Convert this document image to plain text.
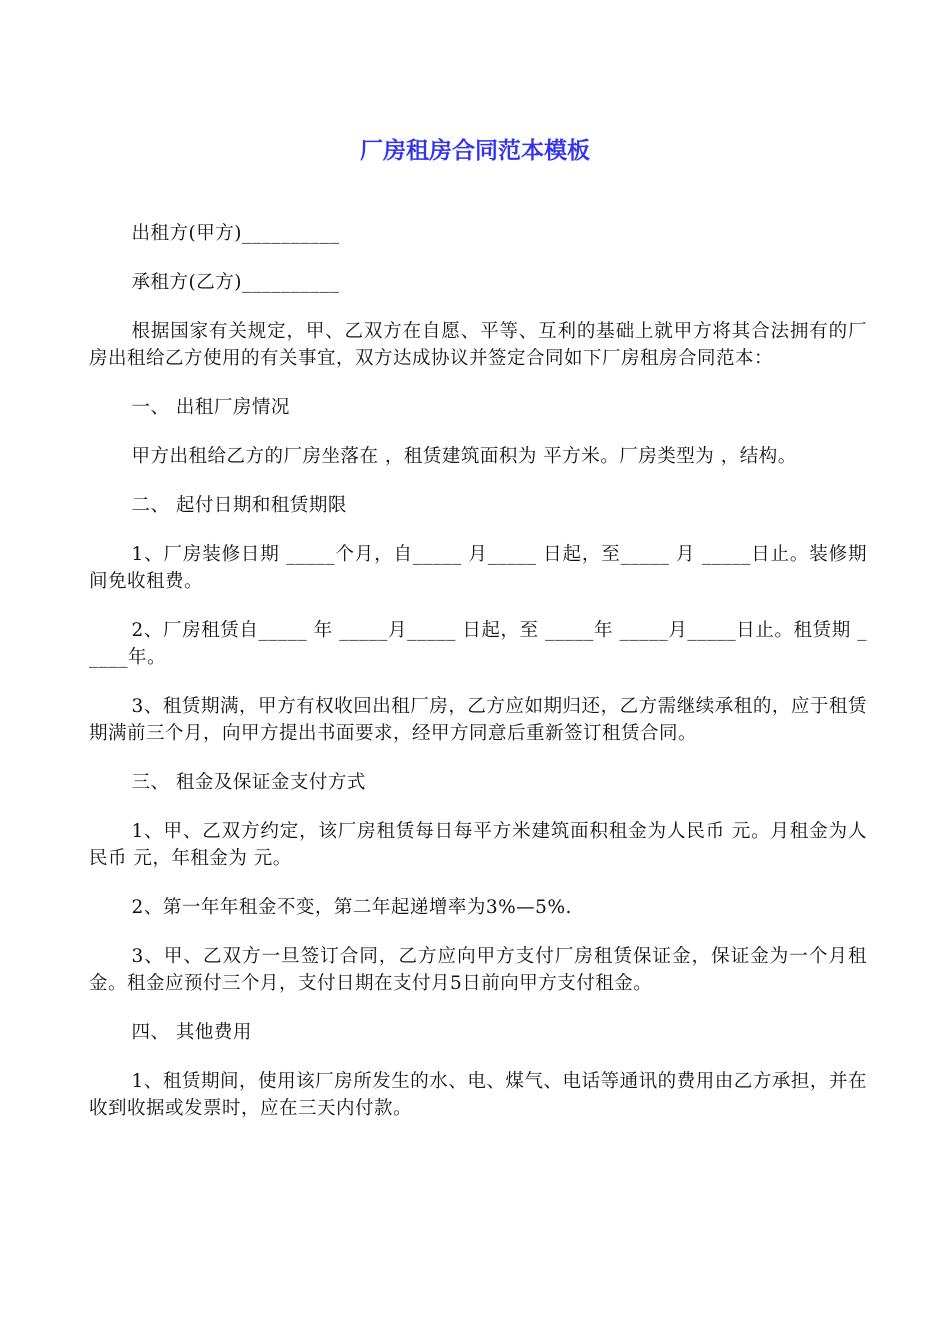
厂房租房合同范本模板

出租方(甲方)__________

承租方(乙方)__________

根据国家有关规定，甲、乙双方在自愿、平等、互利的基础上就甲方将其合法拥有的厂房出租给乙方使用的有关事宜，双方达成协议并签定合同如下厂房租房合同范本：

一、 出租厂房情况

甲方出租给乙方的厂房坐落在 ，租赁建筑面积为 平方米。厂房类型为 ，结构。

二、 起付日期和租赁期限

1、厂房装修日期 _____个月，自_____ 月_____ 日起，至_____ 月 _____日止。装修期间免收租费。

2、厂房租赁自_____ 年 _____月_____ 日起，至 _____年 _____月_____日止。租赁期 _____年。

3、租赁期满，甲方有权收回出租厂房，乙方应如期归还，乙方需继续承租的，应于租赁期满前三个月，向甲方提出书面要求，经甲方同意后重新签订租赁合同。

三、 租金及保证金支付方式

1、甲、乙双方约定，该厂房租赁每日每平方米建筑面积租金为人民币 元。月租金为人民币 元，年租金为 元。

2、第一年年租金不变，第二年起递增率为3%—5%.

3、甲、乙双方一旦签订合同，乙方应向甲方支付厂房租赁保证金，保证金为一个月租金。租金应预付三个月，支付日期在支付月5日前向甲方支付租金。

四、 其他费用

1、租赁期间，使用该厂房所发生的水、电、煤气、电话等通讯的费用由乙方承担，并在收到收据或发票时，应在三天内付款。
